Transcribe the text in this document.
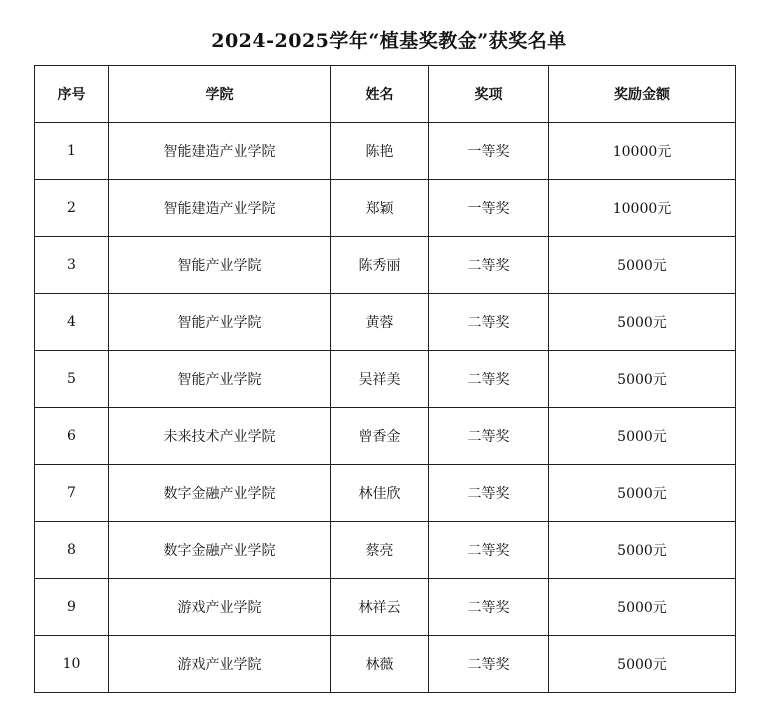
2024-2025学年“植基奖教金”获奖名单
序号	学院	姓名	奖项	奖励金额
1	智能建造产业学院	陈艳	一等奖	10000元
2	智能建造产业学院	郑颖	一等奖	10000元
3	智能产业学院	陈秀丽	二等奖	5000元
4	智能产业学院	黄蓉	二等奖	5000元
5	智能产业学院	吴祥美	二等奖	5000元
6	未来技术产业学院	曾香金	二等奖	5000元
7	数字金融产业学院	林佳欣	二等奖	5000元
8	数字金融产业学院	蔡亮	二等奖	5000元
9	游戏产业学院	林祥云	二等奖	5000元
10	游戏产业学院	林薇	二等奖	5000元
